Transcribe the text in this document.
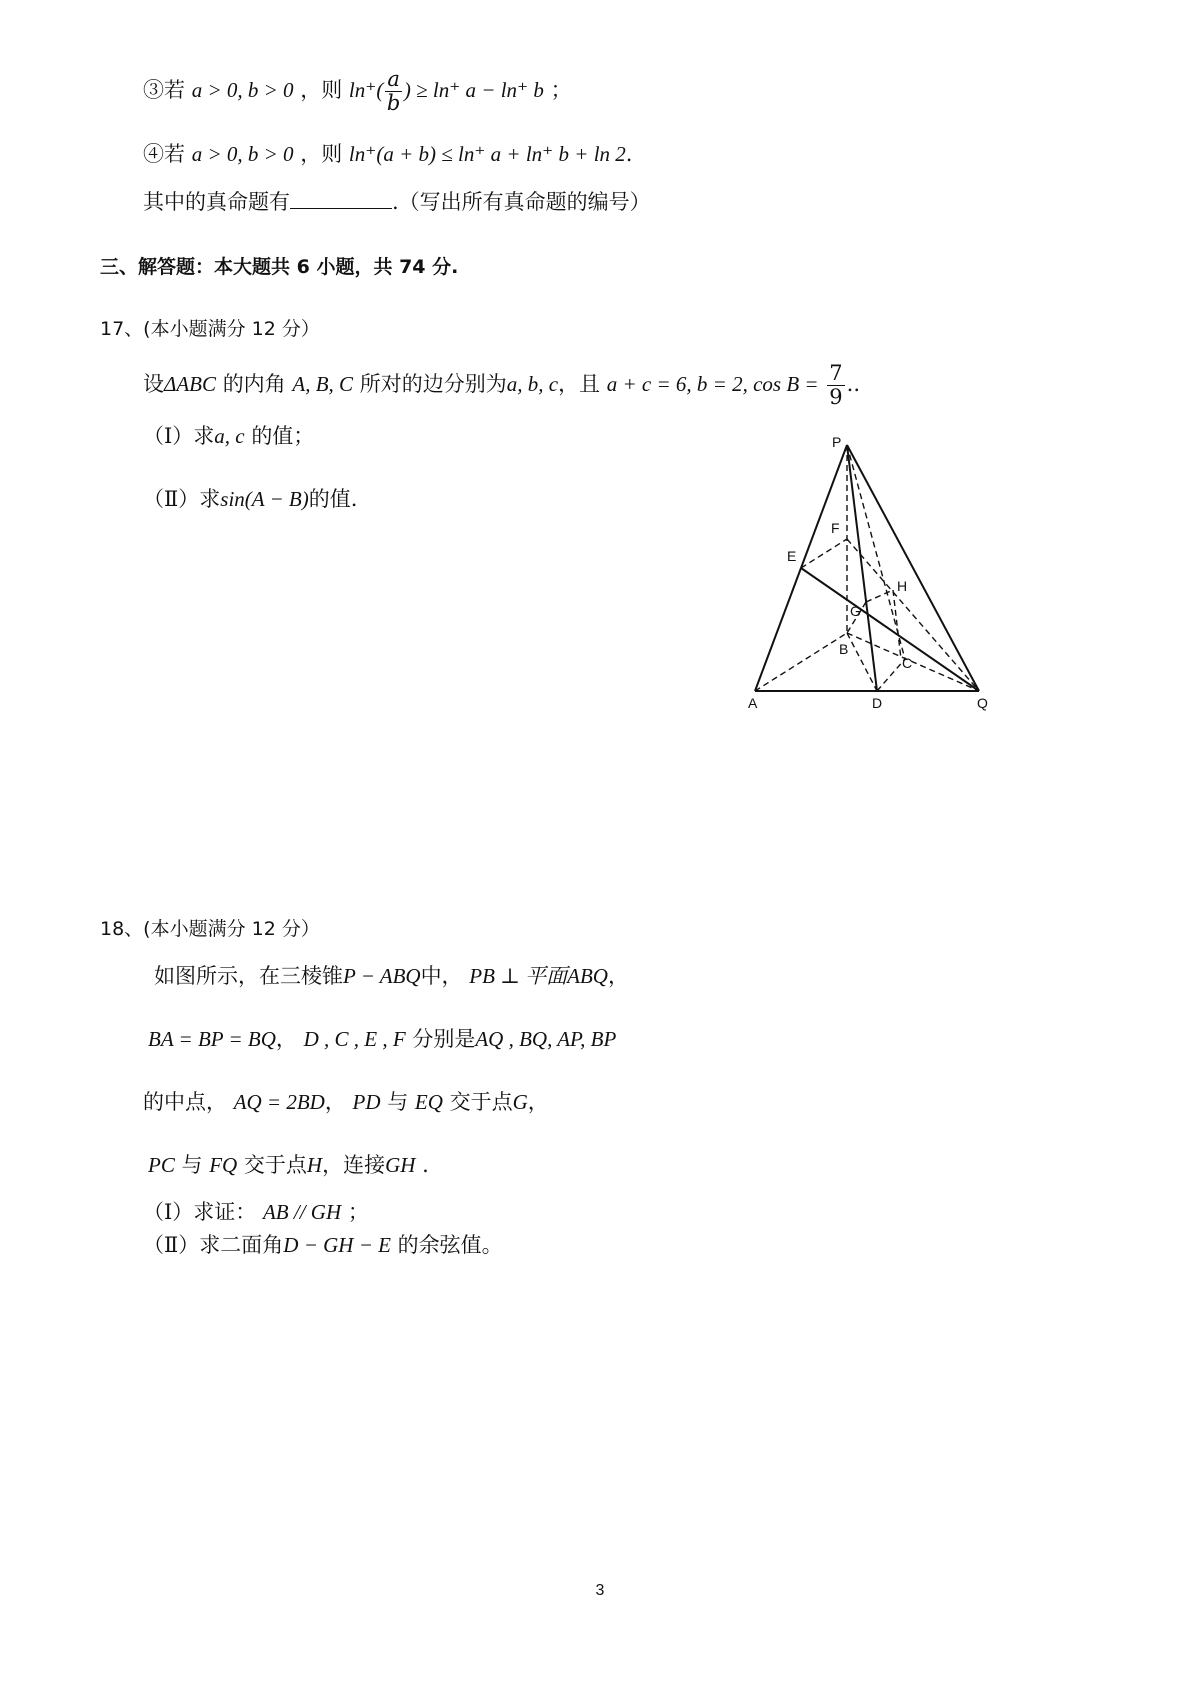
③若 a > 0, b > 0 ，则 $\ln^+( \frac{a}{b}$ ) ≥ ln⁺ a − ln⁺ b ；
④若 a > 0, b > 0 ，则 ln⁺(a + b) ≤ ln⁺ a + ln⁺ b + ln 2.
其中的真命题有	.（写出所有真命题的编号）
三、解答题：本大题共 6 小题，共 74 分.
17、(本小题满分 12 分）
设ΔABC 的内角 A, B, C 所对的边分别为a, b, c，且 a + c = 6, b = 2, $\cos B = \frac{7}{9}$ ..
（Ⅰ）求a, c 的值；
（Ⅱ）求sin(A − B)的值.
P
F
E
H
G
B
C
A	D	Q
18、(本小题满分 12 分）
如图所示，在三棱锥P − ABQ中， PB ⊥ 平面ABQ，
BA = BP = BQ， D , C , E , F 分别是AQ , BQ, AP, BP
的中点， AQ = 2BD， PD 与 EQ 交于点G，
PC 与 FQ 交于点H，连接GH .
（Ⅰ）求证： AB // GH ；
（Ⅱ）求二面角D − GH − E 的余弦值。
3
